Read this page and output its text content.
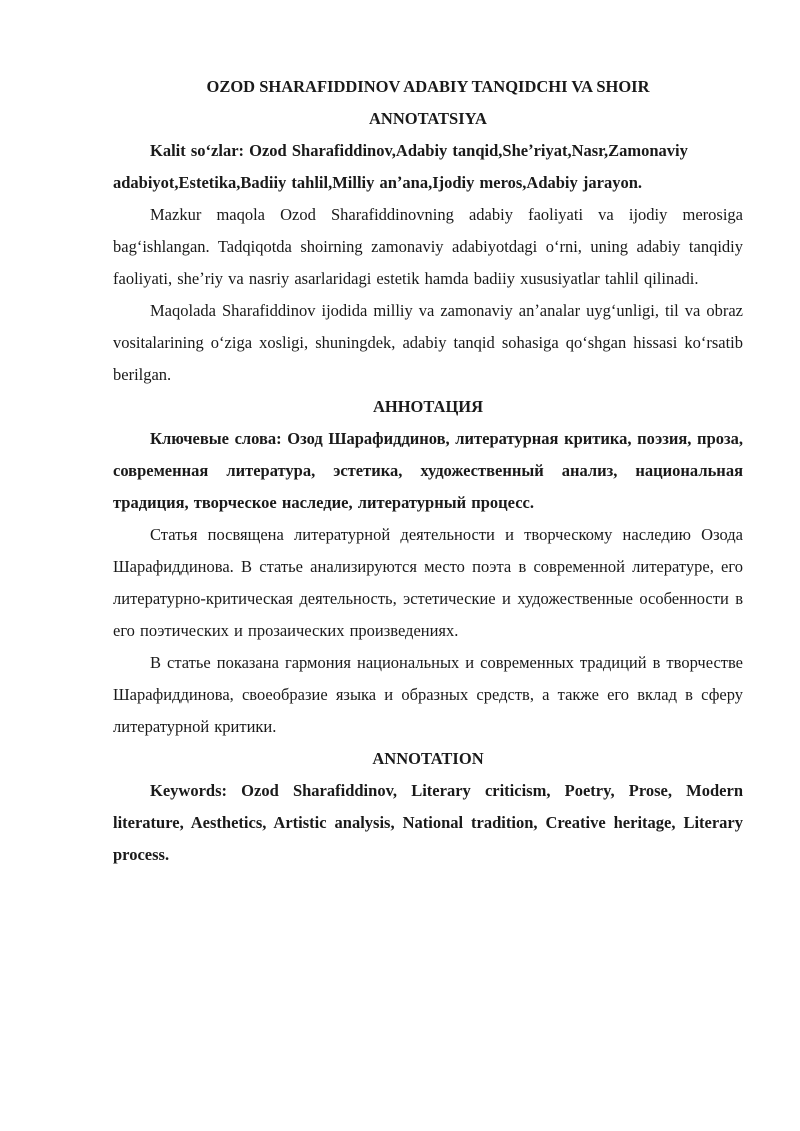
OZOD SHARAFIDDINOV ADABIY TANQIDCHI VA SHOIR
ANNOTATSIYA

Kalit soʻzlar: Ozod Sharafiddinov,Adabiy tanqid,Sheʼriyat,Nasr,Zamonaviy adabiyot,Estetika,Badiiy tahlil,Milliy anʼana,Ijodiy meros,Adabiy jarayon.

Mazkur maqola Ozod Sharafiddinovning adabiy faoliyati va ijodiy merosiga bagʻishlangan. Tadqiqotda shoirning zamonaviy adabiyotdagi oʻrni, uning adabiy tanqidiy faoliyati, sheʼriy va nasriy asarlaridagi estetik hamda badiiy xususiyatlar tahlil qilinadi.

Maqolada Sharafiddinov ijodida milliy va zamonaviy anʼanalar uygʻunligi, til va obraz vositalarining oʻziga xosligi, shuningdek, adabiy tanqid sohasiga qoʻshgan hissasi koʻrsatib berilgan.

АННОТАЦИЯ

Ключевые слова: Озод Шарафиддинов, литературная критика, поэзия, проза, современная литература, эстетика, художественный анализ, национальная традиция, творческое наследие, литературный процесс.

Статья посвящена литературной деятельности и творческому наследию Озода Шарафиддинова. В статье анализируются место поэта в современной литературе, его литературно-критическая деятельность, эстетические и художественные особенности в его поэтических и прозаических произведениях.

В статье показана гармония национальных и современных традиций в творчестве Шарафиддинова, своеобразие языка и образных средств, а также его вклад в сферу литературной критики.

ANNOTATION

Keywords: Ozod Sharafiddinov, Literary criticism, Poetry, Prose, Modern literature, Aesthetics, Artistic analysis, National tradition, Creative heritage, Literary process.
